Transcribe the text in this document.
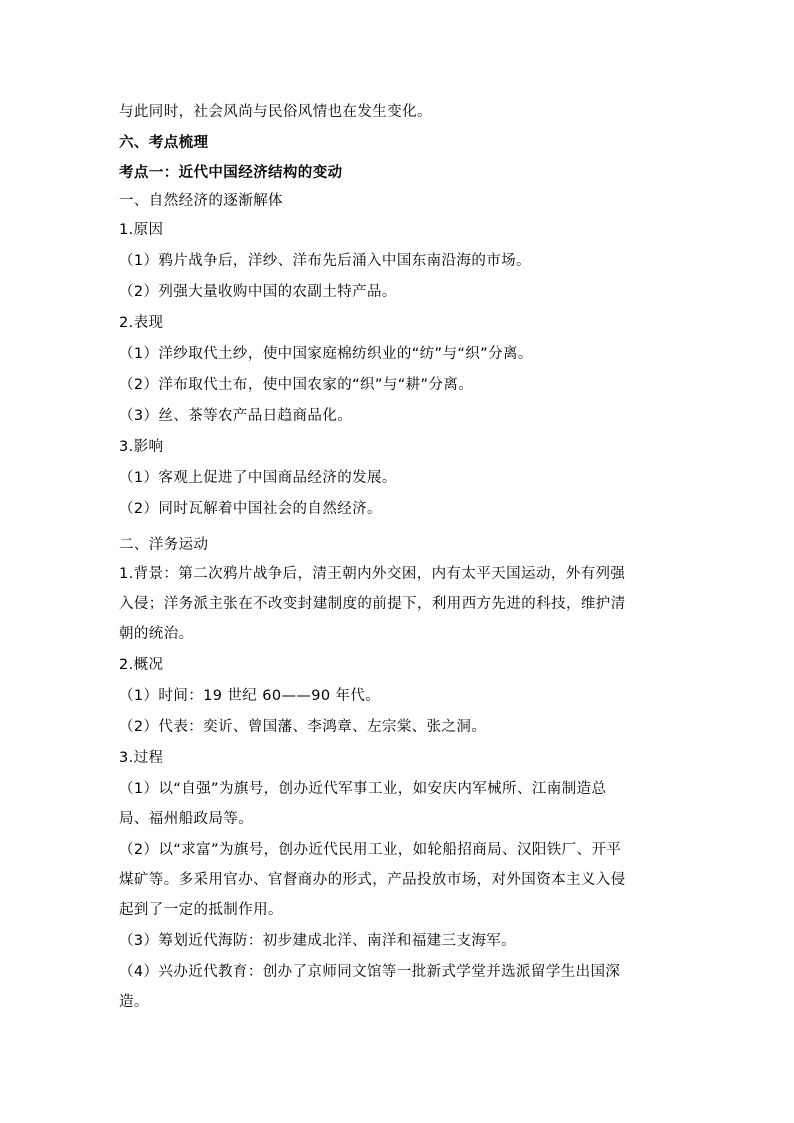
与此同时，社会风尚与民俗风情也在发生变化。
六、考点梳理
考点一：近代中国经济结构的变动
一、自然经济的逐渐解体
1.原因
（1）鸦片战争后，洋纱、洋布先后涌入中国东南沿海的市场。
（2）列强大量收购中国的农副土特产品。
2.表现
（1）洋纱取代土纱，使中国家庭棉纺织业的“纺”与“织”分离。
（2）洋布取代土布，使中国农家的“织”与“耕”分离。
（3）丝、茶等农产品日趋商品化。
3.影响
（1）客观上促进了中国商品经济的发展。
（2）同时瓦解着中国社会的自然经济。
二、洋务运动
1.背景：第二次鸦片战争后，清王朝内外交困，内有太平天国运动，外有列强
入侵；洋务派主张在不改变封建制度的前提下，利用西方先进的科技，维护清
朝的统治。
2.概况
（1）时间：19 世纪 60——90 年代。
（2）代表：奕䜣、曾国藩、李鸿章、左宗棠、张之洞。
3.过程
（1）以“自强”为旗号，创办近代军事工业，如安庆内军械所、江南制造总
局、福州船政局等。
（2）以“求富”为旗号，创办近代民用工业，如轮船招商局、汉阳铁厂、开平
煤矿等。多采用官办、官督商办的形式，产品投放市场，对外国资本主义入侵
起到了一定的抵制作用。
（3）筹划近代海防：初步建成北洋、南洋和福建三支海军。
（4）兴办近代教育：创办了京师同文馆等一批新式学堂并选派留学生出国深
造。
